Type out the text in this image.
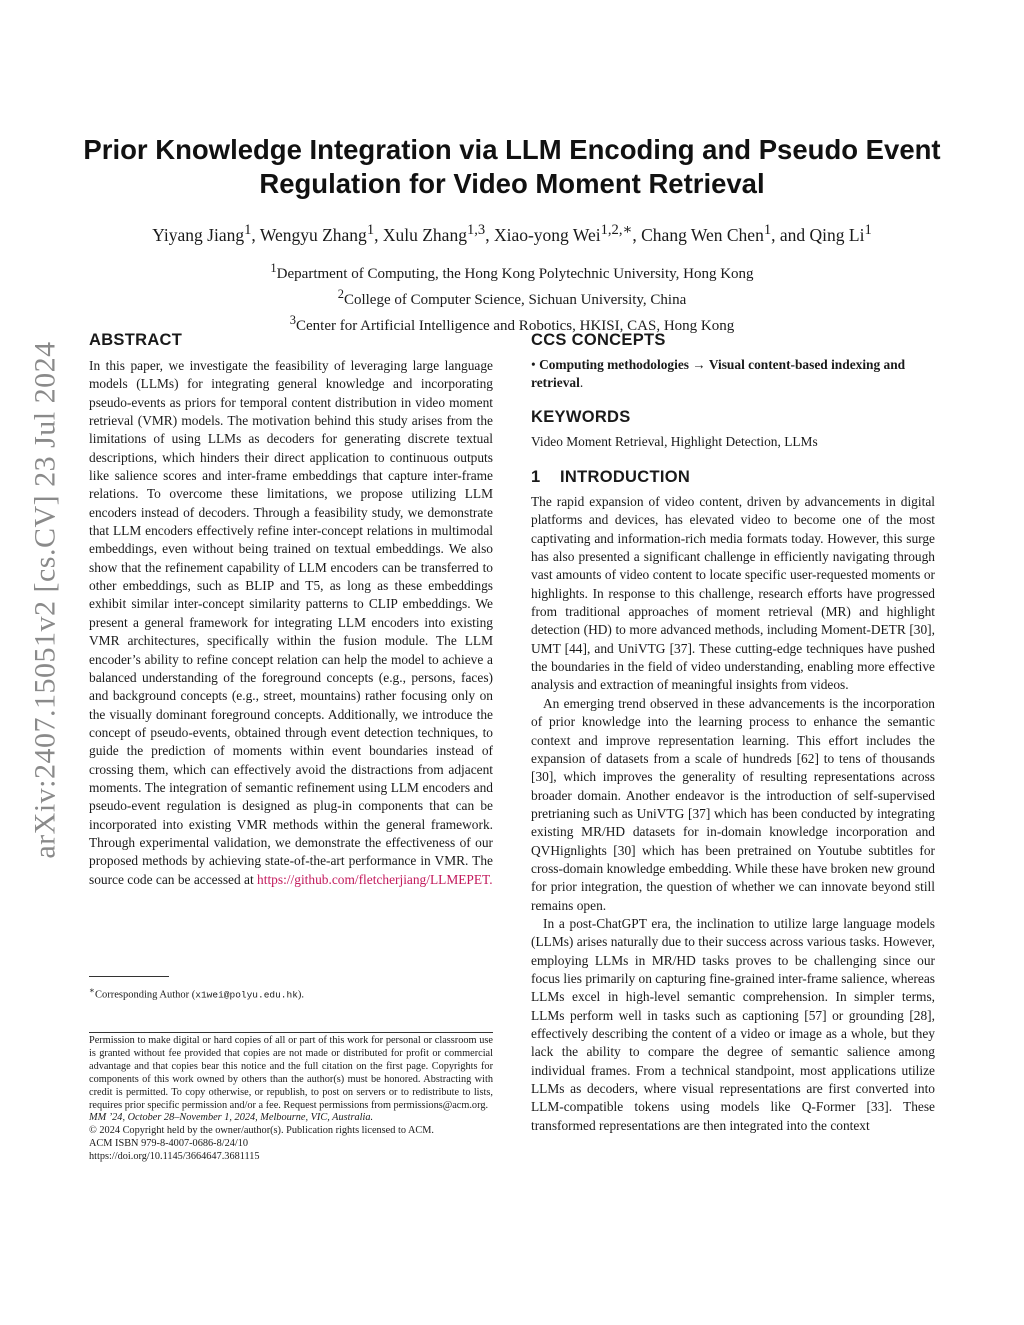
arXiv:2407.15051v2 [cs.CV] 23 Jul 2024
Prior Knowledge Integration via LLM Encoding and Pseudo Event Regulation for Video Moment Retrieval

Yiyang Jiang$^1$, Wengyu Zhang$^1$, Xulu Zhang$^{1,3}$, Xiao-yong Wei$^{1,2,∗}$, Chang Wen Chen$^1$, and Qing Li$^1$

$^1$Department of Computing, the Hong Kong Polytechnic University, Hong Kong
$^2$College of Computer Science, Sichuan University, China
$^3$Center for Artificial Intelligence and Robotics, HKISI, CAS, Hong Kong
ABSTRACT

In this paper, we investigate the feasibility of leveraging large language models (LLMs) for integrating general knowledge and incorporating pseudo-events as priors for temporal content distribution in video moment retrieval (VMR) models. The motivation behind this study arises from the limitations of using LLMs as decoders for generating discrete textual descriptions, which hinders their direct application to continuous outputs like salience scores and inter-frame embeddings that capture inter-frame relations. To overcome these limitations, we propose utilizing LLM encoders instead of decoders. Through a feasibility study, we demonstrate that LLM encoders effectively refine inter-concept relations in multimodal embeddings, even without being trained on textual embeddings. We also show that the refinement capability of LLM encoders can be transferred to other embeddings, such as BLIP and T5, as long as these embeddings exhibit similar inter-concept similarity patterns to CLIP embeddings. We present a general framework for integrating LLM encoders into existing VMR architectures, specifically within the fusion module. The LLM encoder’s ability to refine concept relation can help the model to achieve a balanced understanding of the foreground concepts (e.g., persons, faces) and background concepts (e.g., street, mountains) rather focusing only on the visually dominant foreground concepts. Additionally, we introduce the concept of pseudo-events, obtained through event detection techniques, to guide the prediction of moments within event boundaries instead of crossing them, which can effectively avoid the distractions from adjacent moments. The integration of semantic refinement using LLM encoders and pseudo-event regulation is designed as plug-in components that can be incorporated into existing VMR methods within the general framework. Through experimental validation, we demonstrate the effectiveness of our proposed methods by achieving state-of-the-art performance in VMR. The source code can be accessed at https://github.com/fletcherjiang/LLMEPET.

∗Corresponding Author (x1wei@polyu.edu.hk).

Permission to make digital or hard copies of all or part of this work for personal or classroom use is granted without fee provided that copies are not made or distributed for profit or commercial advantage and that copies bear this notice and the full citation on the first page. Copyrights for components of this work owned by others than the author(s) must be honored. Abstracting with credit is permitted. To copy otherwise, or republish, to post on servers or to redistribute to lists, requires prior specific permission and/or a fee. Request permissions from permissions@acm.org.

MM ’24, October 28–November 1, 2024, Melbourne, VIC, Australia.

© 2024 Copyright held by the owner/author(s). Publication rights licensed to ACM.

ACM ISBN 979-8-4007-0686-8/24/10

https://doi.org/10.1145/3664647.3681115

CCS CONCEPTS

• Computing methodologies → Visual content-based indexing and retrieval.

KEYWORDS

Video Moment Retrieval, Highlight Detection, LLMs

1    INTRODUCTION

The rapid expansion of video content, driven by advancements in digital platforms and devices, has elevated video to become one of the most captivating and information-rich media formats today. However, this surge has also presented a significant challenge in efficiently navigating through vast amounts of video content to locate specific user-requested moments or highlights. In response to this challenge, research efforts have progressed from traditional approaches of moment retrieval (MR) and highlight detection (HD) to more advanced methods, including Moment-DETR [30], UMT [44], and UniVTG [37]. These cutting-edge techniques have pushed the boundaries in the field of video understanding, enabling more effective analysis and extraction of meaningful insights from videos.

An emerging trend observed in these advancements is the incorporation of prior knowledge into the learning process to enhance the semantic context and improve representation learning. This effort includes the expansion of datasets from a scale of hundreds [62] to tens of thousands [30], which improves the generality of resulting representations across broader domain. Another endeavor is the introduction of self-supervised pretrianing such as UniVTG [37] which has been conducted by integrating existing MR/HD datasets for in-domain knowledge incorporation and QVHignlights [30] which has been pretrained on Youtube subtitles for cross-domain knowledge embedding. While these have broken new ground for prior integration, the question of whether we can innovate beyond still remains open.

In a post-ChatGPT era, the inclination to utilize large language models (LLMs) arises naturally due to their success across various tasks. However, employing LLMs in MR/HD tasks proves to be challenging since our focus lies primarily on capturing fine-grained inter-frame salience, whereas LLMs excel in high-level semantic comprehension. In simpler terms, LLMs perform well in tasks such as captioning [57] or grounding [28], effectively describing the content of a video or image as a whole, but they lack the ability to compare the degree of semantic salience among individual frames. From a technical standpoint, most applications utilize LLMs as decoders, where visual representations are first converted into LLM-compatible tokens using models like Q-Former [33]. These transformed representations are then integrated into the context
